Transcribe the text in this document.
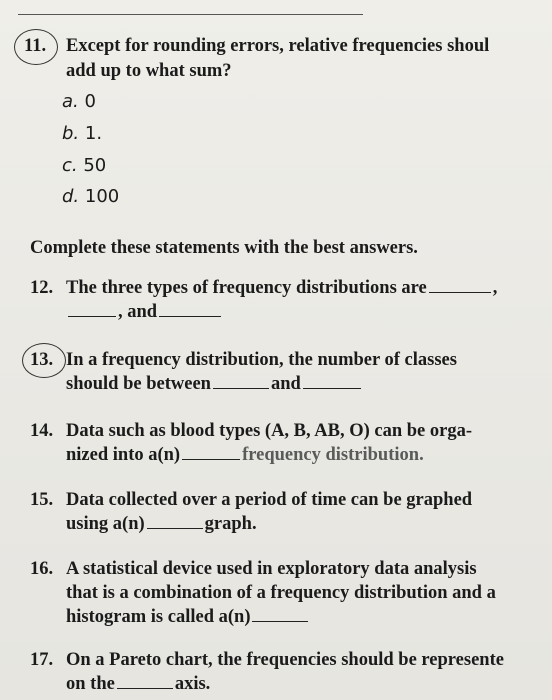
11. Except for rounding errors, relative frequencies shoul
add up to what sum?
a. 0
b. 1.
c. 50
d. 100
Complete these statements with the best answers.
12. The three types of frequency distributions are	,
, and
13. In a frequency distribution, the number of classes
should be between	and
14. Data such as blood types (A, B, AB, O) can be orga-
nized into a(n)	frequency distribution.
15. Data collected over a period of time can be graphed
using a(n)	graph.
16. A statistical device used in exploratory data analysis
that is a combination of a frequency distribution and a
histogram is called a(n)
17. On a Pareto chart, the frequencies should be represente
on the	axis.
